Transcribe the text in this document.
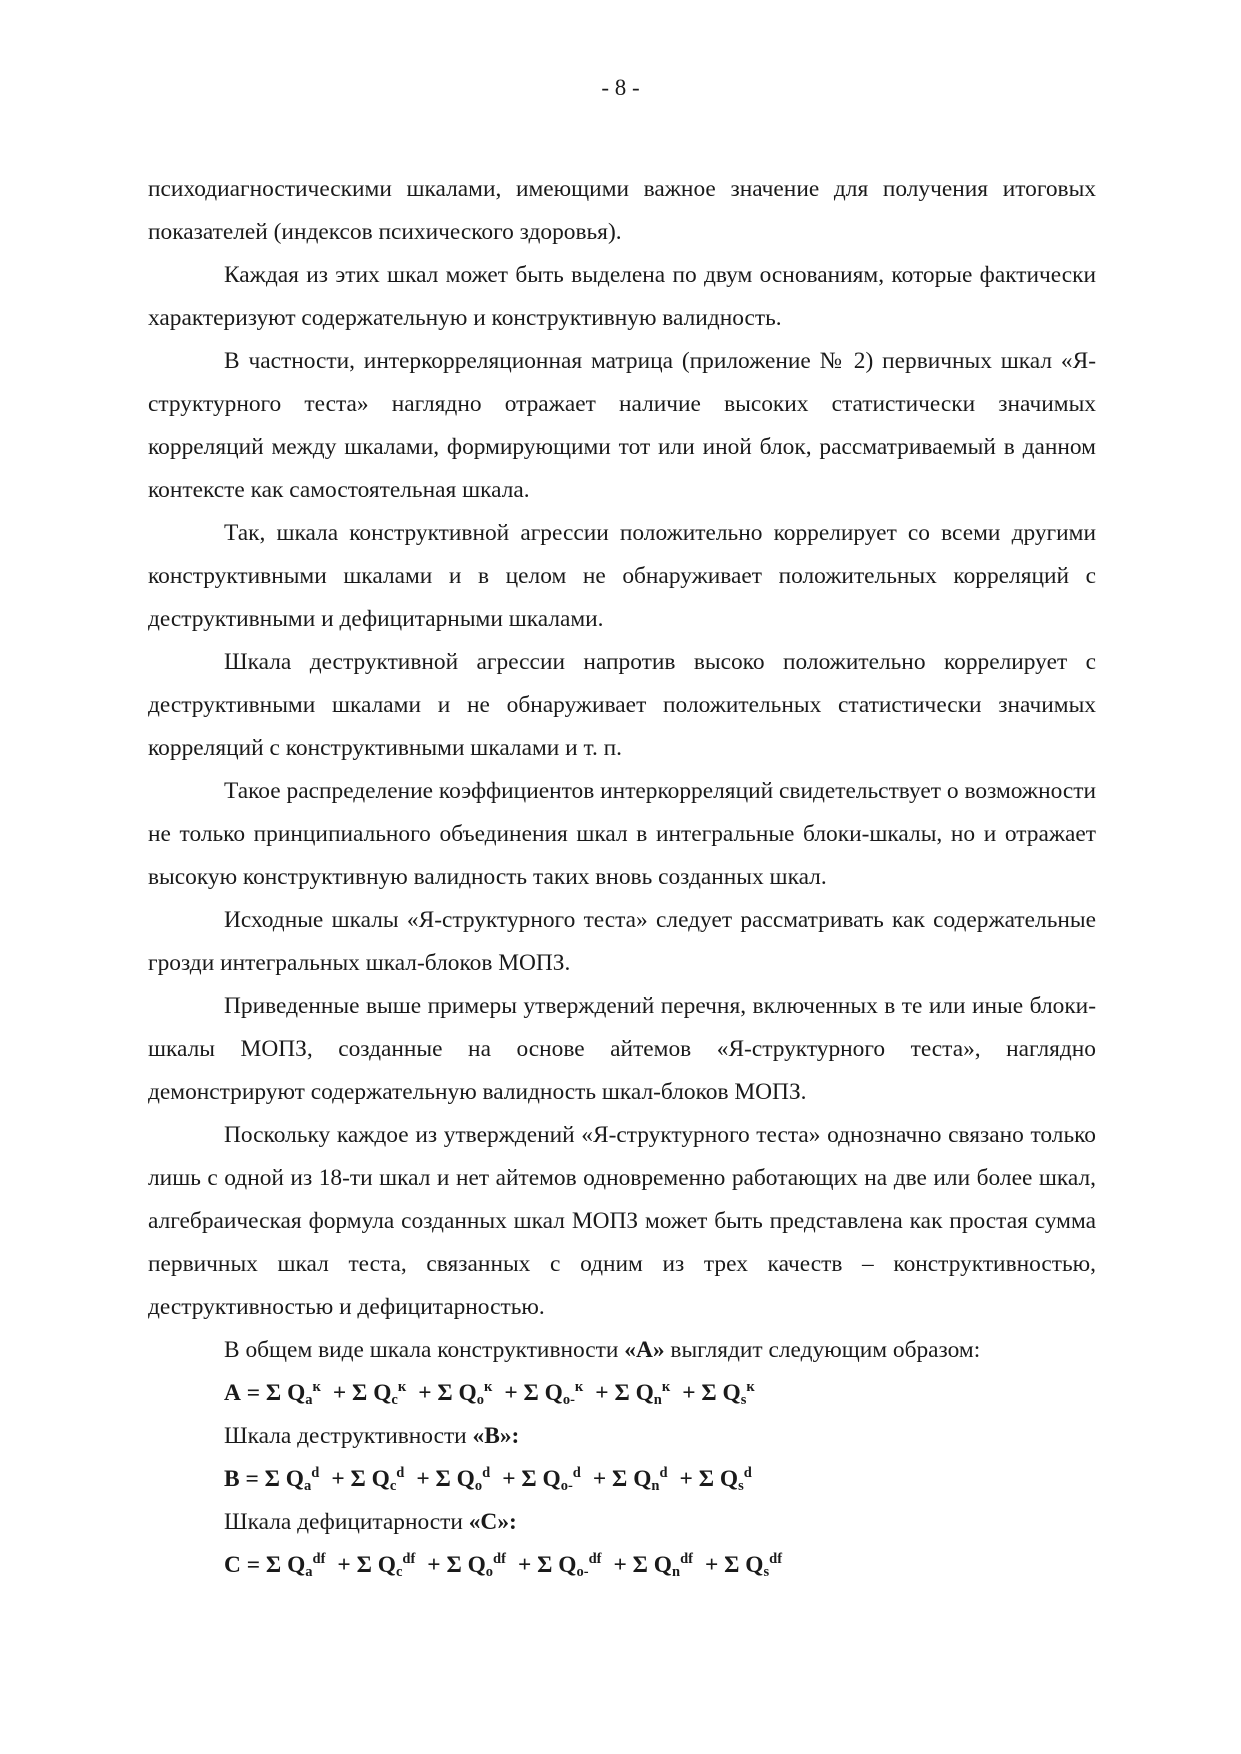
- 8 -

психодиагностическими шкалами, имеющими важное значение для получения итоговых показателей (индексов психического здоровья).

Каждая из этих шкал может быть выделена по двум основаниям, которые фактически характеризуют содержательную и конструктивную валидность.

В частности, интеркорреляционная матрица (приложение № 2) первичных шкал «Я-структурного теста» наглядно отражает наличие высоких статистически значимых корреляций между шкалами, формирующими тот или иной блок, рассматриваемый в данном контексте как самостоятельная шкала.

Так, шкала конструктивной агрессии положительно коррелирует со всеми другими конструктивными шкалами и в целом не обнаруживает положительных корреляций с деструктивными и дефицитарными шкалами.

Шкала деструктивной агрессии напротив высоко положительно коррелирует с деструктивными шкалами и не обнаруживает положительных статистически значимых корреляций с конструктивными шкалами и т. п.

Такое распределение коэффициентов интеркорреляций свидетельствует о возможности не только принципиального объединения шкал в интегральные блоки-шкалы, но и отражает высокую конструктивную валидность таких вновь созданных шкал.

Исходные шкалы «Я-структурного теста» следует рассматривать как содержательные грозди интегральных шкал-блоков МОПЗ.

Приведенные выше примеры утверждений перечня, включенных в те или иные блоки-шкалы МОПЗ, созданные на основе айтемов «Я-структурного теста», наглядно демонстрируют содержательную валидность шкал-блоков МОПЗ.

Поскольку каждое из утверждений «Я-структурного теста» однозначно связано только лишь с одной из 18-ти шкал и нет айтемов одновременно работающих на две или более шкал, алгебраическая формула созданных шкал МОПЗ может быть представлена как простая сумма первичных шкал теста, связанных с одним из трех качеств – конструктивностью, деструктивностью и дефицитарностью.

В общем виде шкала конструктивности «А» выглядит следующим образом:

А = Σ $Qa^к + \Sigma$ $Qc^к + \Sigma$ $Qo^к + \Sigma$ Qo-$^к$ + Σ $Qn^к + \Sigma$ $Qs^к$

Шкала деструктивности «В»:

В = Σ $Qa^d + \Sigma$ $Qc^d + \Sigma$ $Qo^d + \Sigma$ Qo-$^d$ + Σ $Qn^d + \Sigma$ Qs$^d$

Шкала дефицитарности «С»:

С = Σ $Qa^{df} + \Sigma$ $Qc^{df} + \Sigma$ $Qo^{df} + \Sigma$ Qo-$^{df}$ + Σ $Qn^{df} + \Sigma$ $Qs^{df}$
